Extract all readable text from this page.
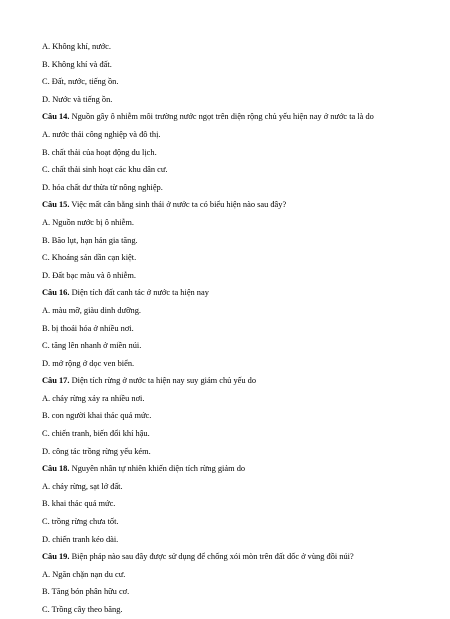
A. Không khí, nước.
B. Không khí và đất.
C. Đất, nước, tiếng ồn.
D. Nước và tiếng ồn.
Câu 14. Nguồn gây ô nhiễm môi trường nước ngọt trên diện rộng chủ yếu hiện nay ở nước ta là do
A. nước thải công nghiệp và đô thị.
B. chất thải của hoạt động du lịch.
C. chất thải sinh hoạt các khu dân cư.
D. hóa chất dư thừa từ nông nghiệp.
Câu 15. Việc mất cân bằng sinh thái ở nước ta có biểu hiện nào sau đây?
A. Nguồn nước bị ô nhiễm.
B. Bão lụt, hạn hán gia tăng.
C. Khoáng sản dần cạn kiệt.
D. Đất bạc màu và ô nhiễm.
Câu 16. Diện tích đất canh tác ở nước ta hiện nay
A. màu mỡ, giàu dinh dưỡng.
B. bị thoái hóa ở nhiều nơi.
C. tăng lên nhanh ở miền núi.
D. mở rộng ở dọc ven biển.
Câu 17. Diện tích rừng ở nước ta hiện nay suy giảm chủ yếu do
A. cháy rừng xảy ra nhiều nơi.
B. con người khai thác quá mức.
C. chiến tranh, biến đổi khí hậu.
D. công tác trồng rừng yếu kém.
Câu 18. Nguyên nhân tự nhiên khiến diện tích rừng giảm do
A. cháy rừng, sạt lở đất.
B. khai thác quá mức.
C. trồng rừng chưa tốt.
D. chiến tranh kéo dài.
Câu 19. Biện pháp nào sau đây được sử dụng để chống xói mòn trên đất dốc ở vùng đồi núi?
A. Ngăn chặn nạn du cư.
B. Tăng bón phân hữu cơ.
C. Trồng cây theo băng.
